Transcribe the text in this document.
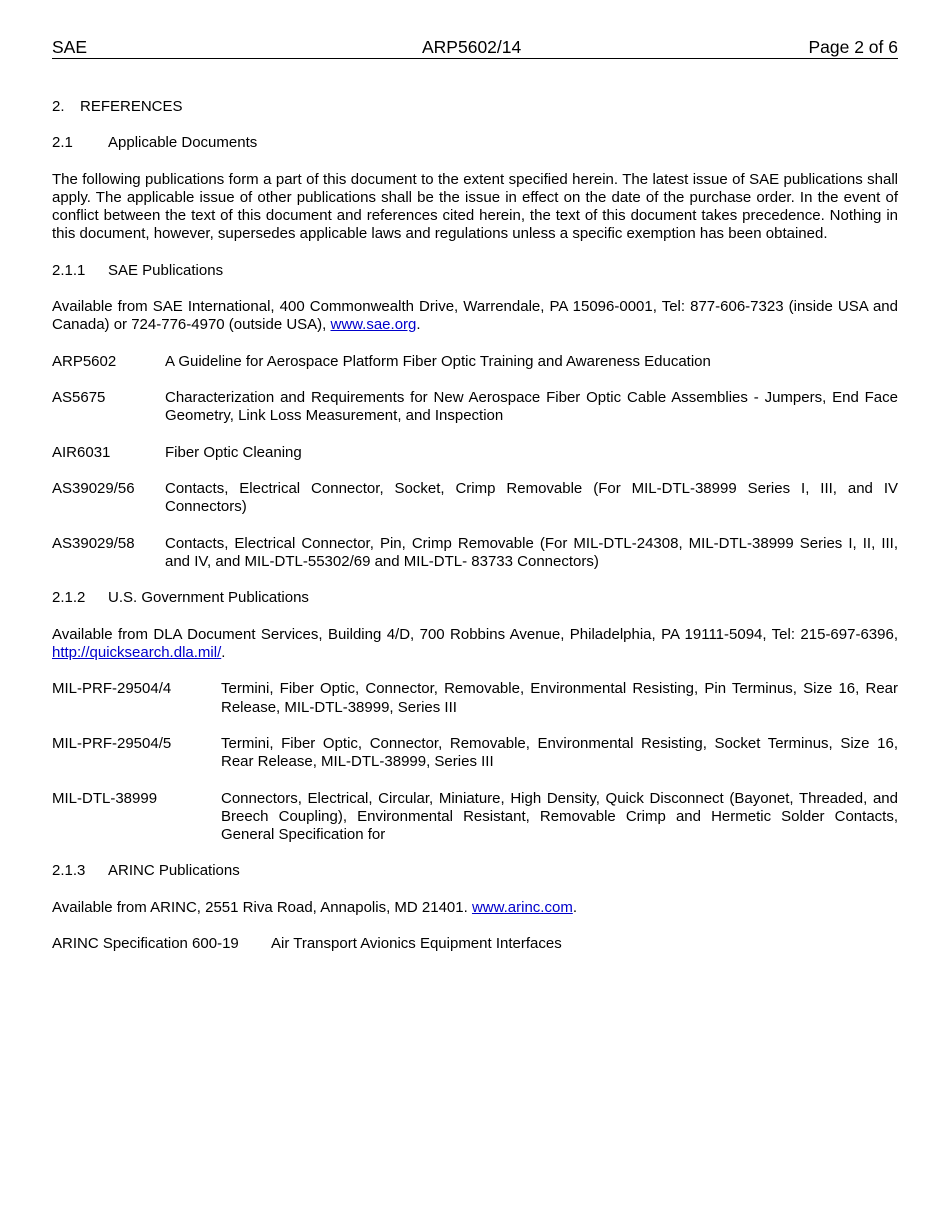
SAE	ARP5602/14	Page 2 of 6
2. REFERENCES
2.1 Applicable Documents

The following publications form a part of this document to the extent specified herein. The latest issue of SAE publications shall apply. The applicable issue of other publications shall be the issue in effect on the date of the purchase order. In the event of conflict between the text of this document and references cited herein, the text of this document takes precedence. Nothing in this document, however, supersedes applicable laws and regulations unless a specific exemption has been obtained.

2.1.1 SAE Publications

Available from SAE International, 400 Commonwealth Drive, Warrendale, PA 15096-0001, Tel: 877-606-7323 (inside USA and Canada) or 724-776-4970 (outside USA), www.sae.org.

ARP5602	A Guideline for Aerospace Platform Fiber Optic Training and Awareness Education
AS5675	Characterization and Requirements for New Aerospace Fiber Optic Cable Assemblies - Jumpers, End Face Geometry, Link Loss Measurement, and Inspection
AIR6031	Fiber Optic Cleaning
AS39029/56	Contacts, Electrical Connector, Socket, Crimp Removable (For MIL-DTL-38999 Series I, III, and IV Connectors)
AS39029/58	Contacts, Electrical Connector, Pin, Crimp Removable (For MIL-DTL-24308, MIL-DTL-38999 Series I, II, III, and IV, and MIL-DTL-55302/69 and MIL-DTL- 83733 Connectors)
2.1.2 U.S. Government Publications

Available from DLA Document Services, Building 4/D, 700 Robbins Avenue, Philadelphia, PA 19111-5094, Tel: 215-697-6396, http://quicksearch.dla.mil/.

MIL-PRF-29504/4	Termini, Fiber Optic, Connector, Removable, Environmental Resisting, Pin Terminus, Size 16, Rear Release, MIL-DTL-38999, Series III
MIL-PRF-29504/5	Termini, Fiber Optic, Connector, Removable, Environmental Resisting, Socket Terminus, Size 16, Rear Release, MIL-DTL-38999, Series III
MIL-DTL-38999	Connectors, Electrical, Circular, Miniature, High Density, Quick Disconnect (Bayonet, Threaded, and Breech Coupling), Environmental Resistant, Removable Crimp and Hermetic Solder Contacts, General Specification for
2.1.3 ARINC Publications

Available from ARINC, 2551 Riva Road, Annapolis, MD 21401. www.arinc.com.

ARINC Specification 600-19	Air Transport Avionics Equipment Interfaces
